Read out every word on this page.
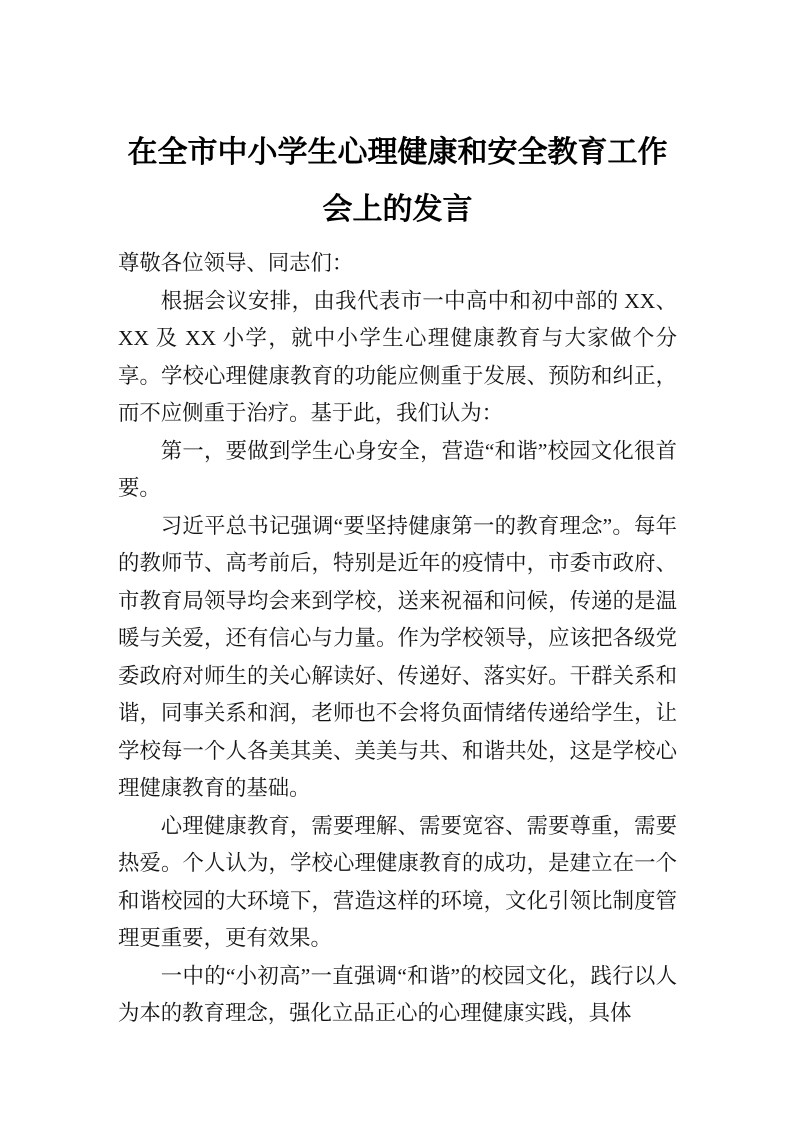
在全市中小学生心理健康和安全教育工作会上的发言

尊敬各位领导、同志们：

根据会议安排，由我代表市一中高中和初中部的 XX、XX 及 XX 小学，就中小学生心理健康教育与大家做个分享。学校心理健康教育的功能应侧重于发展、预防和纠正，而不应侧重于治疗。基于此，我们认为：

第一，要做到学生心身安全，营造“和谐”校园文化很首要。

习近平总书记强调“要坚持健康第一的教育理念”。每年的教师节、高考前后，特别是近年的疫情中，市委市政府、市教育局领导均会来到学校，送来祝福和问候，传递的是温暖与关爱，还有信心与力量。作为学校领导，应该把各级党委政府对师生的关心解读好、传递好、落实好。干群关系和谐，同事关系和润，老师也不会将负面情绪传递给学生，让学校每一个人各美其美、美美与共、和谐共处，这是学校心理健康教育的基础。

心理健康教育，需要理解、需要宽容、需要尊重，需要热爱。个人认为，学校心理健康教育的成功，是建立在一个和谐校园的大环境下，营造这样的环境，文化引领比制度管理更重要，更有效果。

一中的“小初高”一直强调“和谐”的校园文化，践行以人为本的教育理念，强化立品正心的心理健康实践，具体
